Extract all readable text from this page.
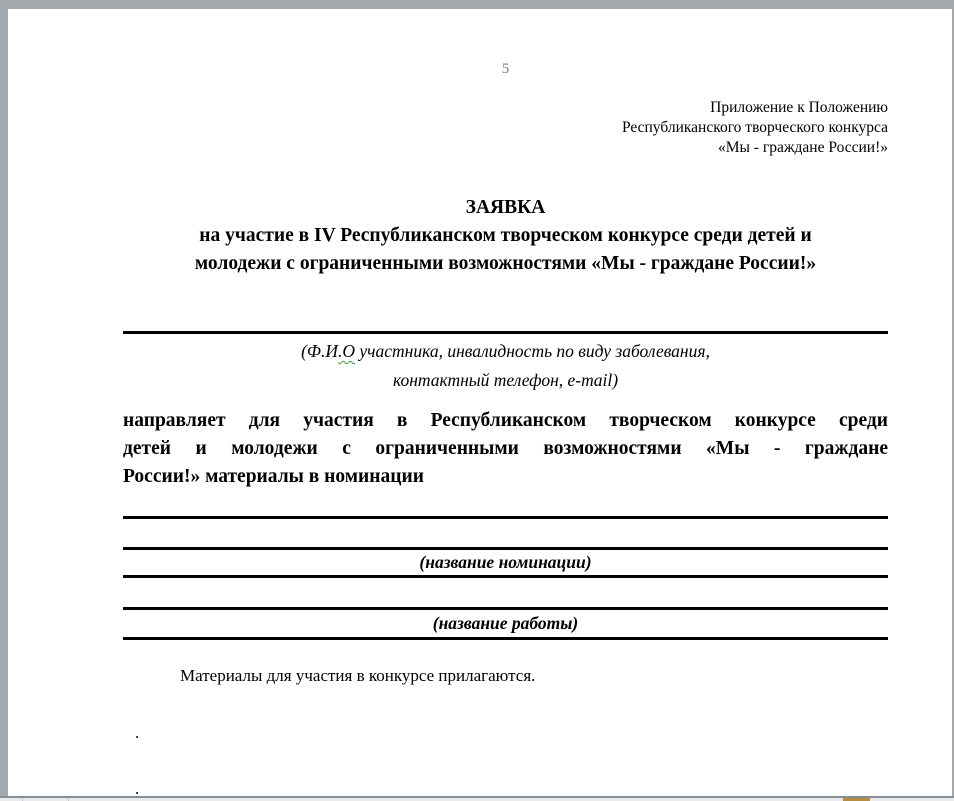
5
Приложение к Положению
Республиканского творческого конкурса
«Мы - граждане России!»
ЗАЯВКА
на участие в IV Республиканском творческом конкурсе среди детей и
молодежи с ограниченными возможностями «Мы - граждане России!»
(Ф.И.О участника, инвалидность по виду заболевания,
контактный телефон, e-mail)
направляет для участия в Республиканском творческом конкурсе среди
детей и молодежи с ограниченными возможностями «Мы - граждане
России!» материалы в номинации
(название номинации)
(название работы)
Материалы для участия в конкурсе прилагаются.
.
.
